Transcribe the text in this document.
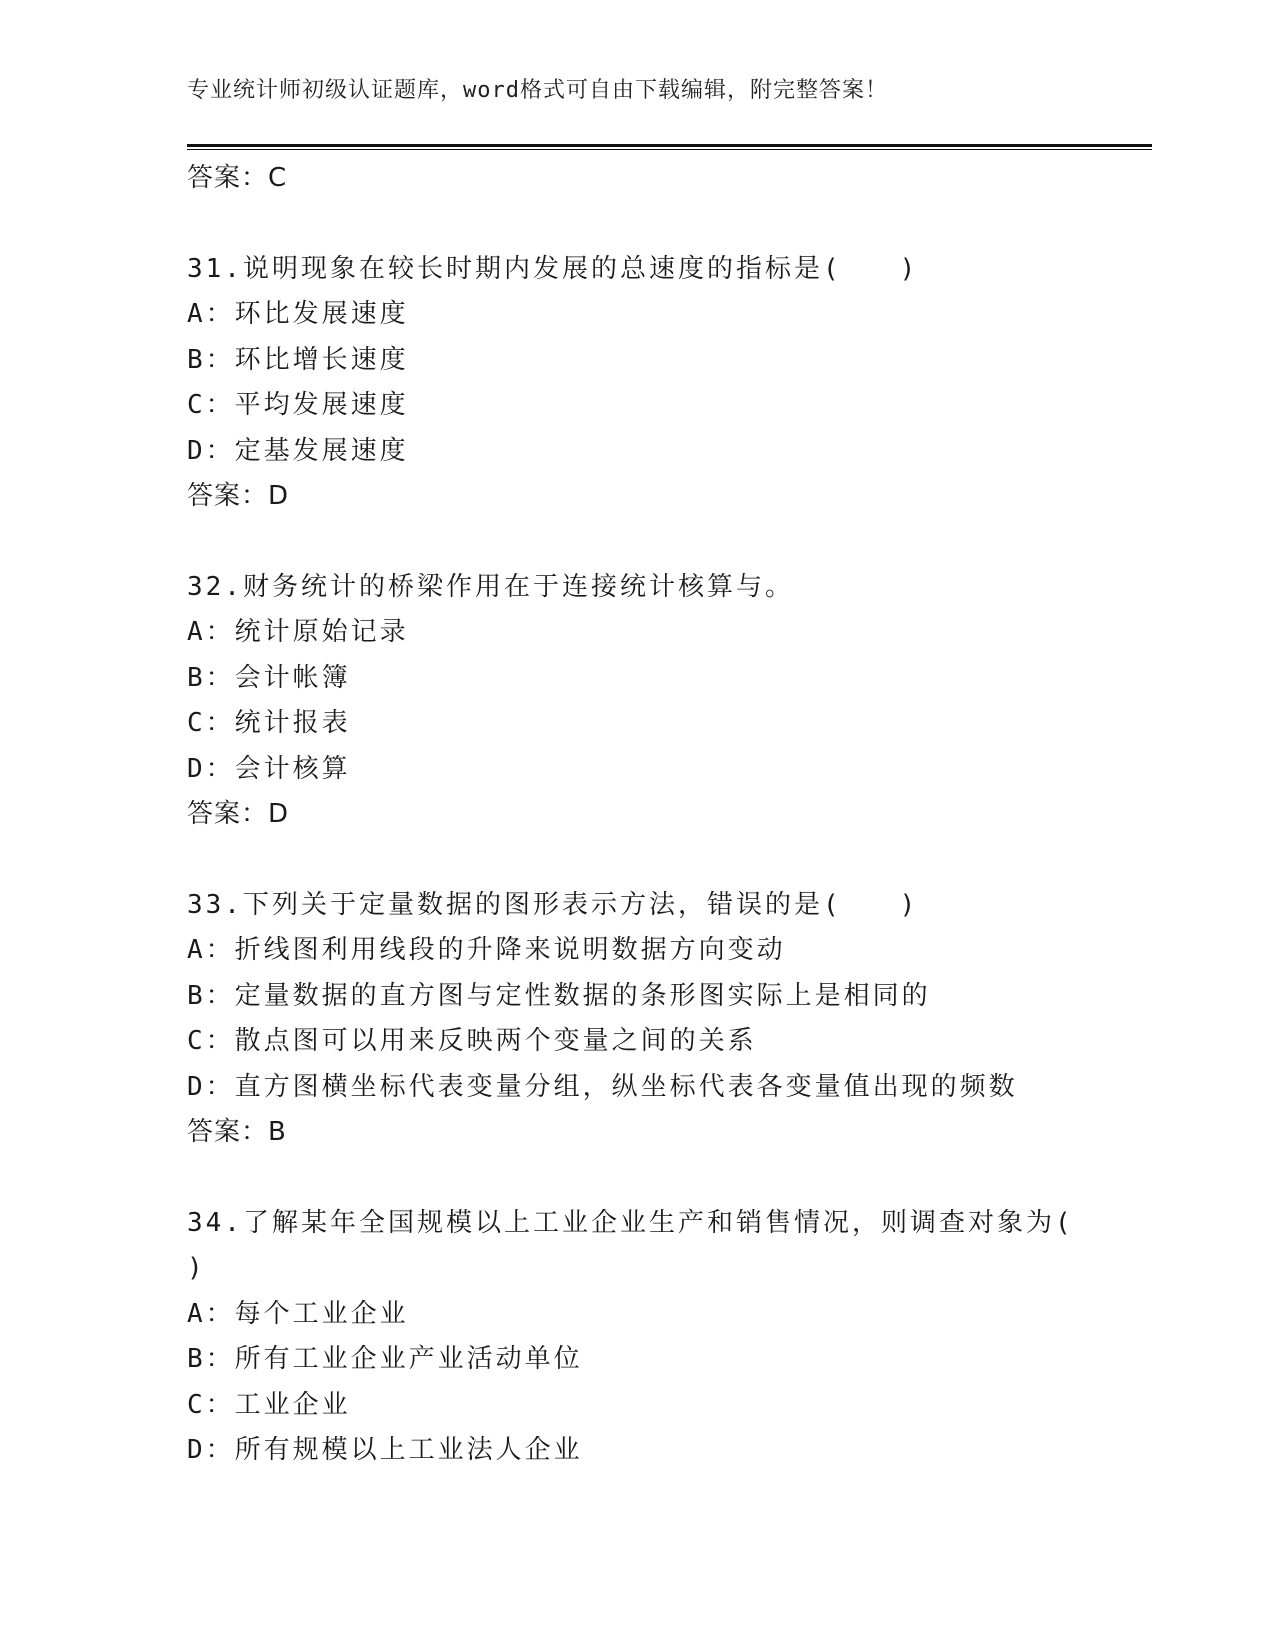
专业统计师初级认证题库，word格式可自由下载编辑，附完整答案！
答案：C
31.说明现象在较长时期内发展的总速度的指标是(　　)
A：环比发展速度
B：环比增长速度
C：平均发展速度
D：定基发展速度
答案：D
32.财务统计的桥梁作用在于连接统计核算与。
A：统计原始记录
B：会计帐簿
C：统计报表
D：会计核算
答案：D
33.下列关于定量数据的图形表示方法，错误的是(　　)
A：折线图利用线段的升降来说明数据方向变动
B：定量数据的直方图与定性数据的条形图实际上是相同的
C：散点图可以用来反映两个变量之间的关系
D：直方图横坐标代表变量分组，纵坐标代表各变量值出现的频数
答案：B
34.了解某年全国规模以上工业企业生产和销售情况，则调查对象为(
)
A：每个工业企业
B：所有工业企业产业活动单位
C：工业企业
D：所有规模以上工业法人企业
